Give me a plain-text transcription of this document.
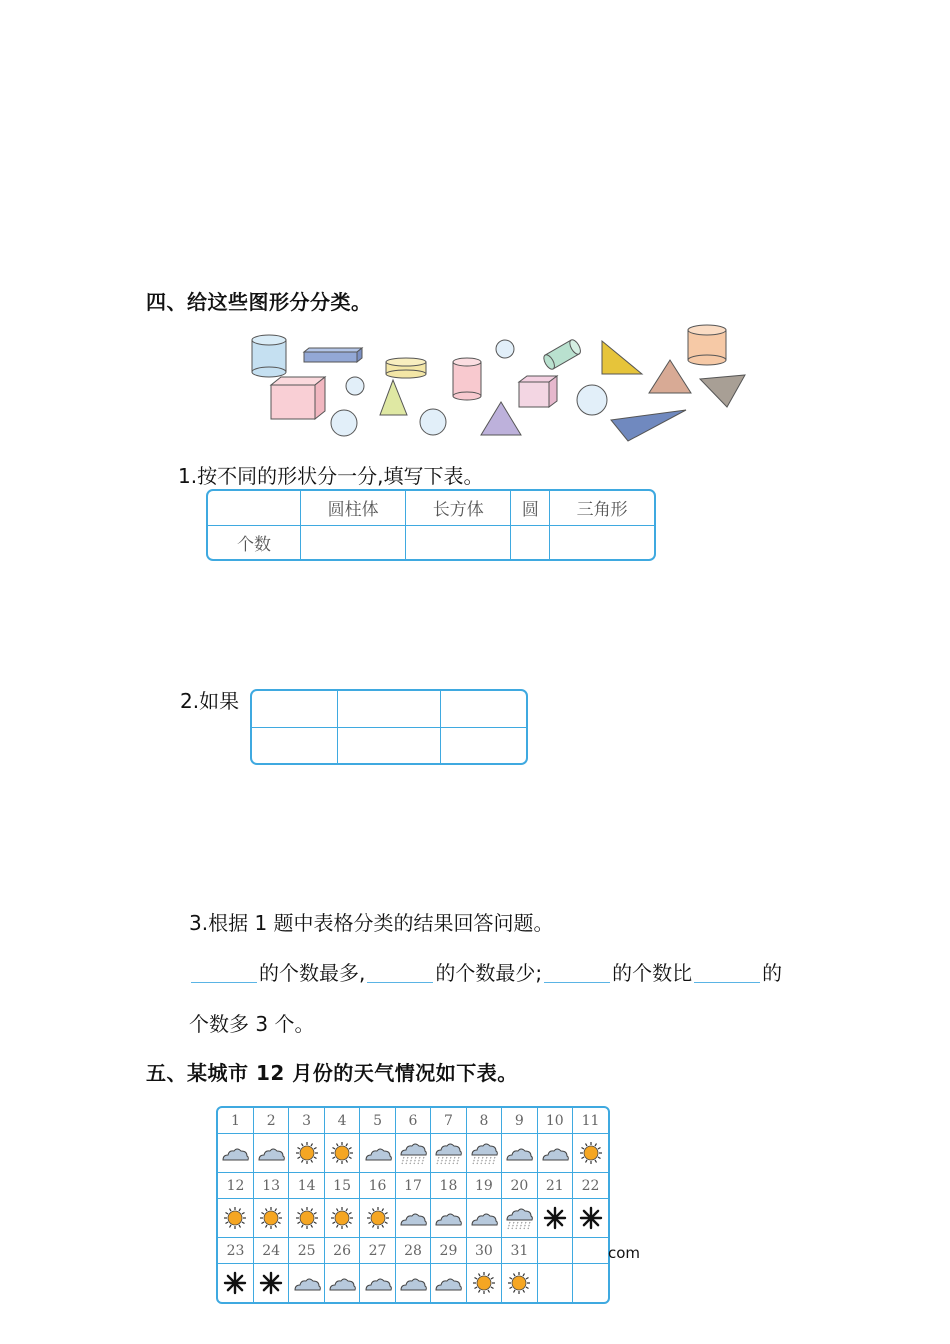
四、给这些图形分分类。
1.按不同的形状分一分,填写下表。
	圆柱体	长方体	圆	三角形
个数				
2.如果

3.根据 1 题中表格分类的结果回答问题。
的个数最多,	的个数最少;	的个数比	的
个数多 3 个。
五、某城市 12 月份的天气情况如下表。
1	2	3	4	5	6	7	8	9	10	11

12	13	14	15	16	17	18	19	20	21	22

23	24	25	26	27	28	29	30	31		

			com
